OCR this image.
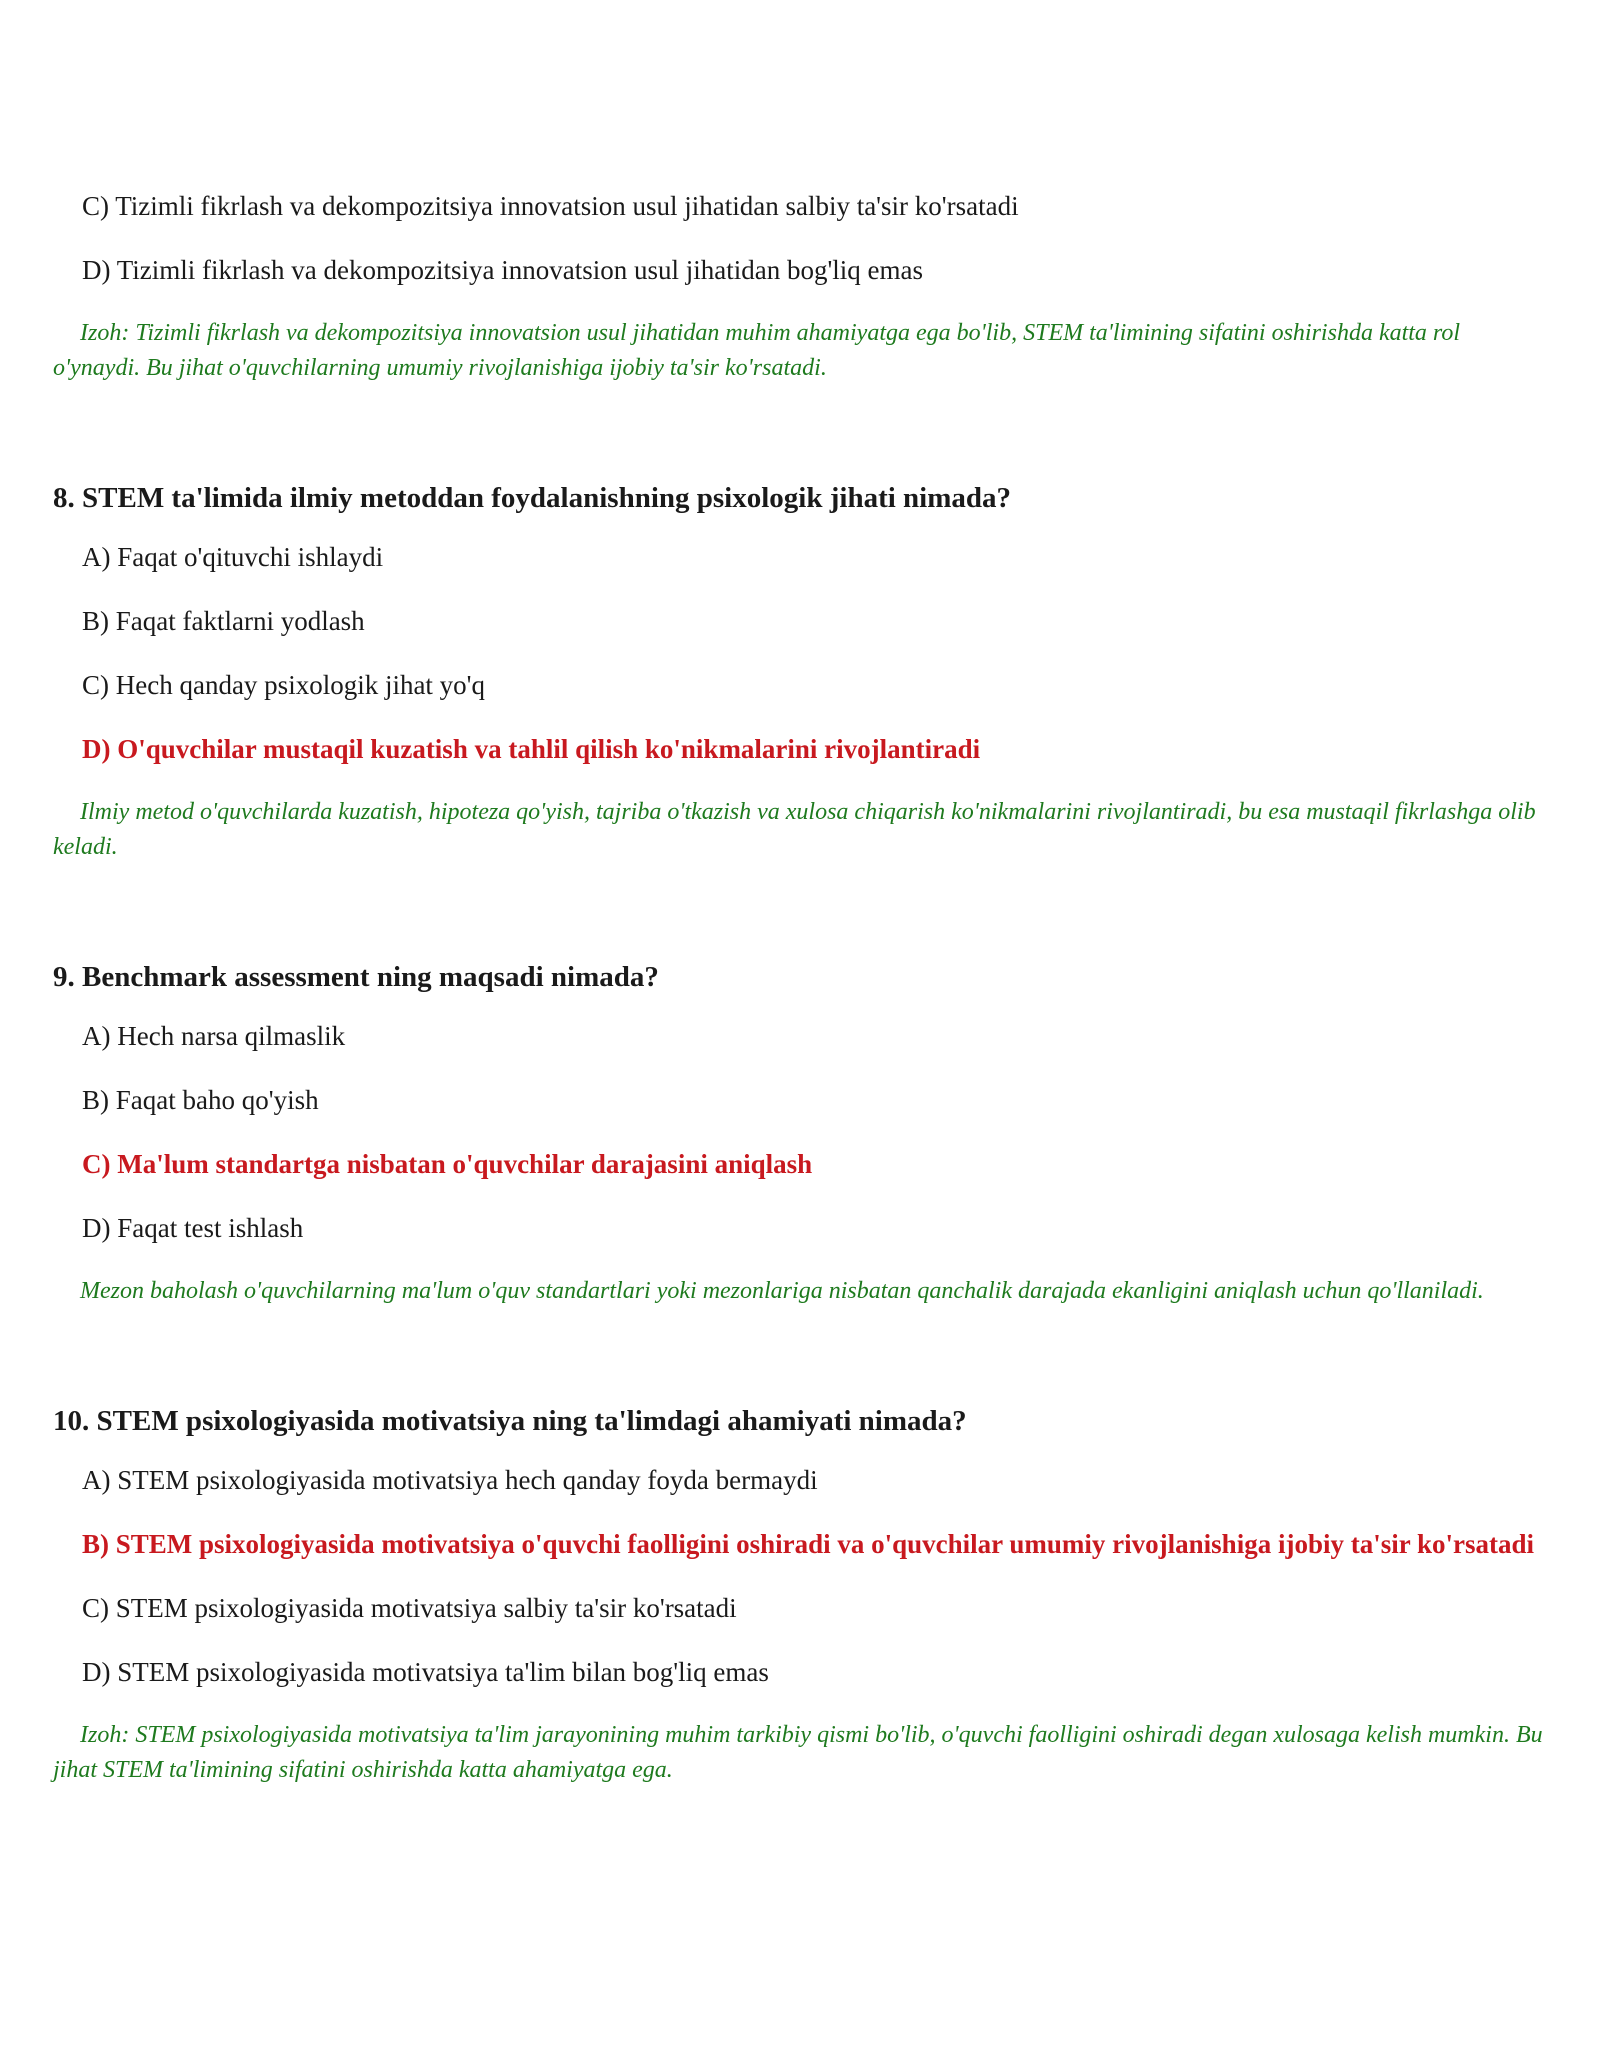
C) Tizimli fikrlash va dekompozitsiya innovatsion usul jihatidan salbiy ta'sir ko'rsatadi

D) Tizimli fikrlash va dekompozitsiya innovatsion usul jihatidan bog'liq emas

Izoh: Tizimli fikrlash va dekompozitsiya innovatsion usul jihatidan muhim ahamiyatga ega bo'lib, STEM ta'limining sifatini oshirishda katta rol o'ynaydi. Bu jihat o'quvchilarning umumiy rivojlanishiga ijobiy ta'sir ko'rsatadi.

8. STEM ta'limida ilmiy metoddan foydalanishning psixologik jihati nimada?

A) Faqat o'qituvchi ishlaydi

B) Faqat faktlarni yodlash

C) Hech qanday psixologik jihat yo'q

D) O'quvchilar mustaqil kuzatish va tahlil qilish ko'nikmalarini rivojlantiradi

Ilmiy metod o'quvchilarda kuzatish, hipoteza qo'yish, tajriba o'tkazish va xulosa chiqarish ko'nikmalarini rivojlantiradi, bu esa mustaqil fikrlashga olib keladi.

9. Benchmark assessment ning maqsadi nimada?

A) Hech narsa qilmaslik

B) Faqat baho qo'yish

C) Ma'lum standartga nisbatan o'quvchilar darajasini aniqlash

D) Faqat test ishlash

Mezon baholash o'quvchilarning ma'lum o'quv standartlari yoki mezonlariga nisbatan qanchalik darajada ekanligini aniqlash uchun qo'llaniladi.

10. STEM psixologiyasida motivatsiya ning ta'limdagi ahamiyati nimada?

A) STEM psixologiyasida motivatsiya hech qanday foyda bermaydi

B) STEM psixologiyasida motivatsiya o'quvchi faolligini oshiradi va o'quvchilar umumiy rivojlanishiga ijobiy ta'sir ko'rsatadi

C) STEM psixologiyasida motivatsiya salbiy ta'sir ko'rsatadi

D) STEM psixologiyasida motivatsiya ta'lim bilan bog'liq emas

Izoh: STEM psixologiyasida motivatsiya ta'lim jarayonining muhim tarkibiy qismi bo'lib, o'quvchi faolligini oshiradi degan xulosaga kelish mumkin. Bu jihat STEM ta'limining sifatini oshirishda katta ahamiyatga ega.
